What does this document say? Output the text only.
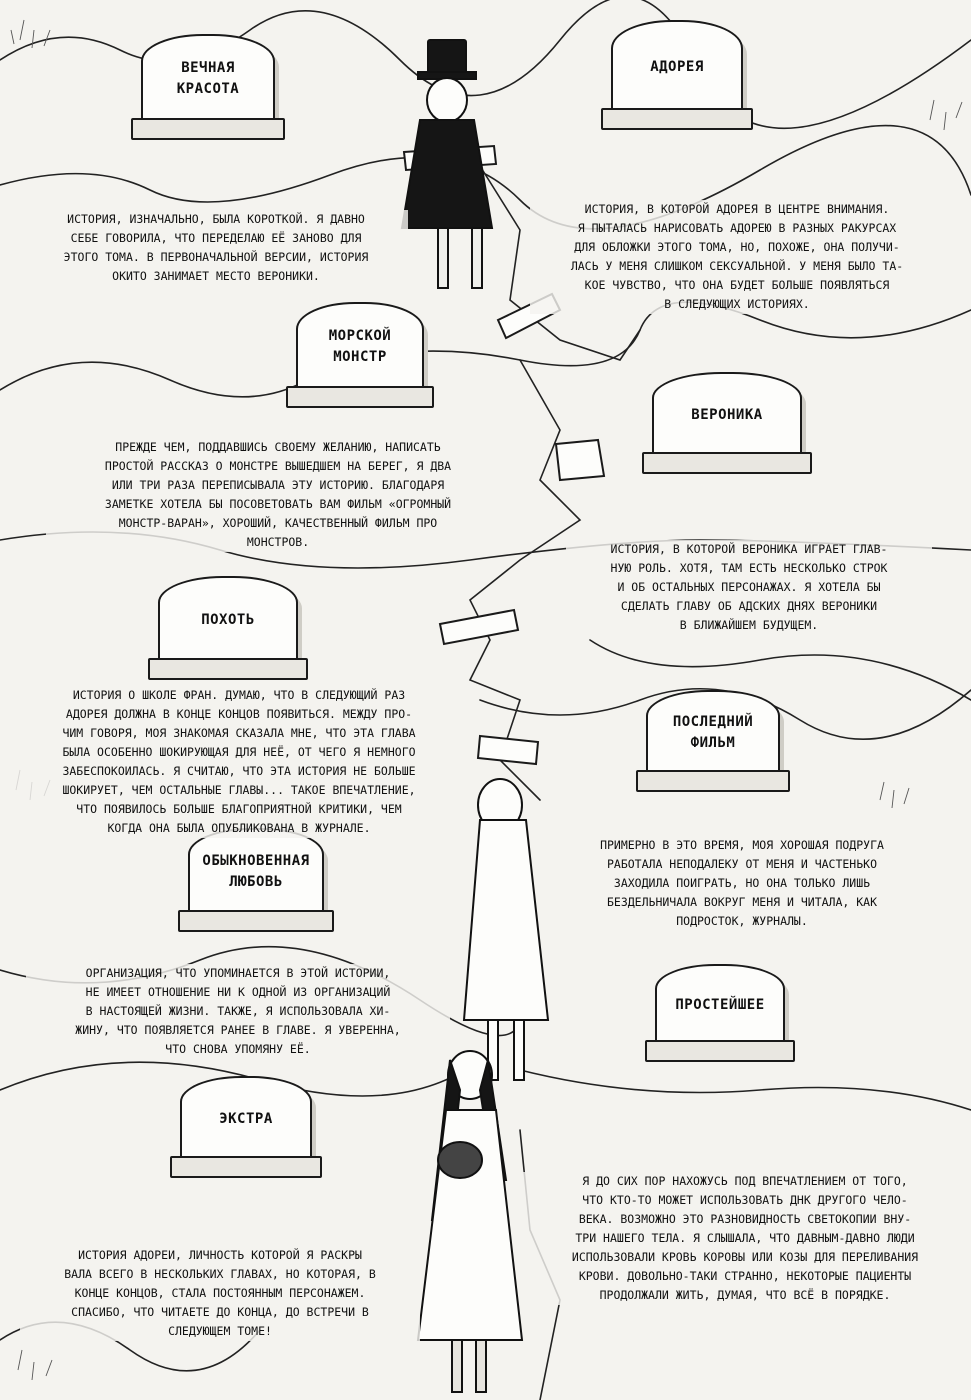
ВЕЧНАЯ
КРАСОТА
АДОРЕЯ
МОРСКОЙ
МОНСТР
ВЕРОНИКА
ПОХОТЬ
ПОСЛЕДНИЙ
ФИЛЬМ
ОБЫКНОВЕННАЯ
ЛЮБОВЬ
ПРОСТЕЙШЕЕ
ЭКСТРА
ИСТОРИЯ, ИЗНАЧАЛЬНО, БЫЛА КОРОТКОЙ. Я ДАВНО
СЕБЕ ГОВОРИЛА, ЧТО ПЕРЕДЕЛАЮ ЕЁ ЗАНОВО ДЛЯ
ЭТОГО ТОМА. В ПЕРВОНАЧАЛЬНОЙ ВЕРСИИ, ИСТОРИЯ
ОКИТО ЗАНИМАЕТ МЕСТО ВЕРОНИКИ.
ИСТОРИЯ, В КОТОРОЙ АДОРЕЯ В ЦЕНТРЕ ВНИМАНИЯ.
Я ПЫТАЛАСЬ НАРИСОВАТЬ АДОРЕЮ В РАЗНЫХ РАКУРСАХ
ДЛЯ ОБЛОЖКИ ЭТОГО ТОМА, НО, ПОХОЖЕ, ОНА ПОЛУЧИ-
ЛАСЬ У МЕНЯ СЛИШКОМ СЕКСУАЛЬНОЙ. У МЕНЯ БЫЛО ТА-
КОЕ ЧУВСТВО, ЧТО ОНА БУДЕТ БОЛЬШЕ ПОЯВЛЯТЬСЯ
В СЛЕДУЮЩИХ ИСТОРИЯХ.
ПРЕЖДЕ ЧЕМ, ПОДДАВШИСЬ СВОЕМУ ЖЕЛАНИЮ, НАПИСАТЬ
ПРОСТОЙ РАССКАЗ О МОНСТРЕ ВЫШЕДШЕМ НА БЕРЕГ, Я ДВА
ИЛИ ТРИ РАЗА ПЕРЕПИСЫВАЛА ЭТУ ИСТОРИЮ. БЛАГОДАРЯ
ЗАМЕТКЕ ХОТЕЛА БЫ ПОСОВЕТОВАТЬ ВАМ ФИЛЬМ «ОГРОМНЫЙ
МОНСТР-ВАРАН», ХОРОШИЙ, КАЧЕСТВЕННЫЙ ФИЛЬМ ПРО
МОНСТРОВ.	ИСТОРИЯ, В КОТОРОЙ ВЕРОНИКА ИГРАЕТ ГЛАВ-
НУЮ РОЛЬ. ХОТЯ, ТАМ ЕСТЬ НЕСКОЛЬКО СТРОК
И ОБ ОСТАЛЬНЫХ ПЕРСОНАЖАХ. Я ХОТЕЛА БЫ
СДЕЛАТЬ ГЛАВУ ОБ АДСКИХ ДНЯХ ВЕРОНИКИ
В БЛИЖАЙШЕМ БУДУЩЕМ.
ИСТОРИЯ О ШКОЛЕ ФРАН. ДУМАЮ, ЧТО В СЛЕДУЮЩИЙ РАЗ
АДОРЕЯ ДОЛЖНА В КОНЦЕ КОНЦОВ ПОЯВИТЬСЯ. МЕЖДУ ПРО-
ЧИМ ГОВОРЯ, МОЯ ЗНАКОМАЯ СКАЗАЛА МНЕ, ЧТО ЭТА ГЛАВА
БЫЛА ОСОБЕННО ШОКИРУЮЩАЯ ДЛЯ НЕЁ, ОТ ЧЕГО Я НЕМНОГО
ЗАБЕСПОКОИЛАСЬ. Я СЧИТАЮ, ЧТО ЭТА ИСТОРИЯ НЕ БОЛЬШЕ
ШОКИРУЕТ, ЧЕМ ОСТАЛЬНЫЕ ГЛАВЫ... ТАКОЕ ВПЕЧАТЛЕНИЕ,
ЧТО ПОЯВИЛОСЬ БОЛЬШЕ БЛАГОПРИЯТНОЙ КРИТИКИ, ЧЕМ
КОГДА ОНА БЫЛА ОПУБЛИКОВАНА В ЖУРНАЛЕ.
ПРИМЕРНО В ЭТО ВРЕМЯ, МОЯ ХОРОШАЯ ПОДРУГА
РАБОТАЛА НЕПОДАЛЕКУ ОТ МЕНЯ И ЧАСТЕНЬКО
ЗАХОДИЛА ПОИГРАТЬ, НО ОНА ТОЛЬКО ЛИШЬ
БЕЗДЕЛЬНИЧАЛА ВОКРУГ МЕНЯ И ЧИТАЛА, КАК
ПОДРОСТОК, ЖУРНАЛЫ.
ОРГАНИЗАЦИЯ, ЧТО УПОМИНАЕТСЯ В ЭТОЙ ИСТОРИИ,
НЕ ИМЕЕТ ОТНОШЕНИЕ НИ К ОДНОЙ ИЗ ОРГАНИЗАЦИЙ
В НАСТОЯЩЕЙ ЖИЗНИ. ТАКЖЕ, Я ИСПОЛЬЗОВАЛА ХИ-
ЖИНУ, ЧТО ПОЯВЛЯЕТСЯ РАНЕЕ В ГЛАВЕ. Я УВЕРЕННА,
ЧТО СНОВА УПОМЯНУ ЕЁ.
Я ДО СИХ ПОР НАХОЖУСЬ ПОД ВПЕЧАТЛЕНИЕМ ОТ ТОГО,
ЧТО КТО-ТО МОЖЕТ ИСПОЛЬЗОВАТЬ ДНК ДРУГОГО ЧЕЛО-
ВЕКА. ВОЗМОЖНО ЭТО РАЗНОВИДНОСТЬ СВЕТОКОПИИ ВНУ-
ТРИ НАШЕГО ТЕЛА. Я СЛЫШАЛА, ЧТО ДАВНЫМ-ДАВНО ЛЮДИ
ИСПОЛЬЗОВАЛИ КРОВЬ КОРОВЫ ИЛИ КОЗЫ ДЛЯ ПЕРЕЛИВАНИЯ
КРОВИ. ДОВОЛЬНО-ТАКИ СТРАННО, НЕКОТОРЫЕ ПАЦИЕНТЫ
ПРОДОЛЖАЛИ ЖИТЬ, ДУМАЯ, ЧТО ВСЁ В ПОРЯДКЕ.
ИСТОРИЯ АДОРЕИ, ЛИЧНОСТЬ КОТОРОЙ Я РАСКРЫ
ВАЛА ВСЕГО В НЕСКОЛЬКИХ ГЛАВАХ, НО КОТОРАЯ, В
КОНЦЕ КОНЦОВ, СТАЛА ПОСТОЯННЫМ ПЕРСОНАЖЕМ.
СПАСИБО, ЧТО ЧИТАЕТЕ ДО КОНЦА, ДО ВСТРЕЧИ В
СЛЕДУЮЩЕМ ТОМЕ!
